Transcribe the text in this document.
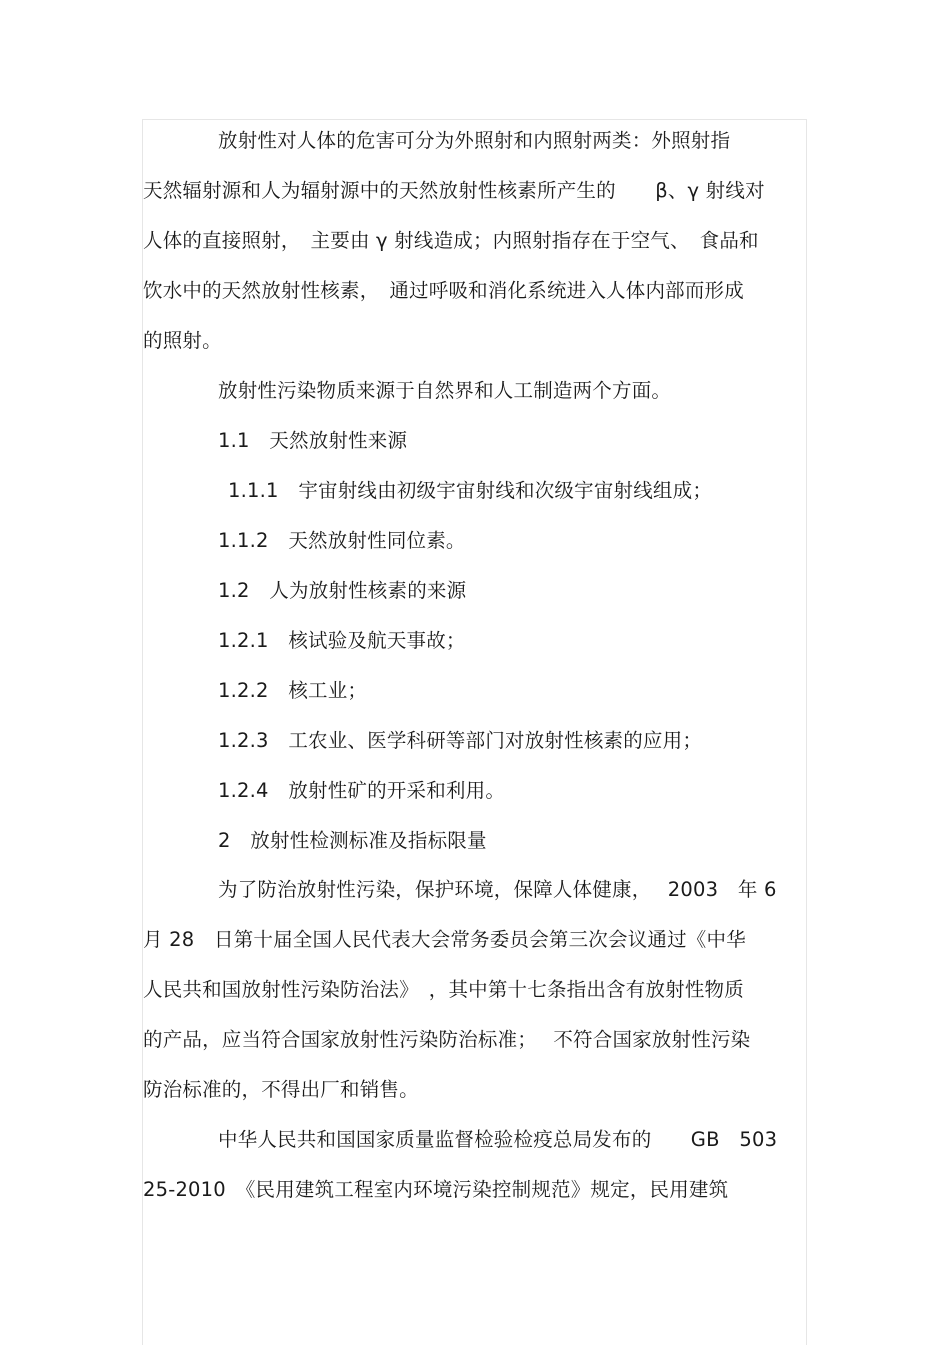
放射性对人体的危害可分为外照射和内照射两类：外照射指
天然辐射源和人为辐射源中的天然放射性核素所产生的　　β、γ 射线对
人体的直接照射，　主要由 γ 射线造成；内照射指存在于空气、　食品和
饮水中的天然放射性核素，　通过呼吸和消化系统进入人体内部而形成
的照射。
放射性污染物质来源于自然界和人工制造两个方面。
1.1　天然放射性来源
1.1.1　宇宙射线由初级宇宙射线和次级宇宙射线组成；
1.1.2　天然放射性同位素。
1.2　人为放射性核素的来源
1.2.1　核试验及航天事故；
1.2.2　核工业；
1.2.3　工农业、医学科研等部门对放射性核素的应用；
1.2.4　放射性矿的开采和利用。
2　放射性检测标准及指标限量
为了防治放射性污染，保护环境，保障人体健康，　 2003　年 6
月 28　日第十届全国人民代表大会常务委员会第三次会议通过《中华
人民共和国放射性污染防治法》　，其中第十七条指出含有放射性物质
的产品，应当符合国家放射性污染防治标准；　 不符合国家放射性污染
防治标准的，不得出厂和销售。
中华人民共和国国家质量监督检验检疫总局发布的　　GB　503
25-2010　《民用建筑工程室内环境污染控制规范》规定，民用建筑
